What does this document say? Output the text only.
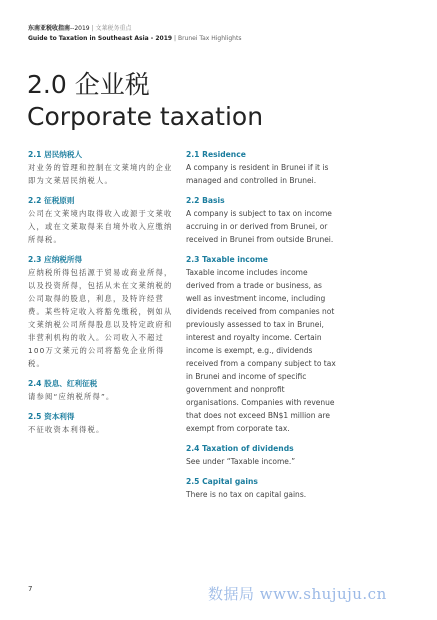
东南亚税收指南--2019 | 文莱税务重点
Guide to Taxation in Southeast Asia - 2019 | Brunei Tax Highlights
2.0 企业税
Corporate taxation
2.1 居民纳税人

对业务的管理和控制在文莱境内的企业即为文莱居民纳税人。

2.2 征税原则

公司在文莱境内取得收入或源于文莱收入，或在文莱取得来自境外收入应缴纳所得税。

2.3 应纳税所得

应纳税所得包括源于贸易或商业所得，以及投资所得，包括从未在文莱纳税的公司取得的股息，利息，及特许经营费。某些特定收入将豁免缴税，例如从文莱纳税公司所得股息以及特定政府和非营利机构的收入。公司收入不超过100万文莱元的公司将豁免企业所得税。

2.4 股息、红利征税

请参阅“应纳税所得”。

2.5 资本利得

不征收资本利得税。

2.1 Residence

A company is resident in Brunei if it is managed and controlled in Brunei.

2.2 Basis

A company is subject to tax on income accruing in or derived from Brunei, or received in Brunei from outside Brunei.

2.3 Taxable income

Taxable income includes income derived from a trade or business, as well as investment income, including dividends received from companies not previously assessed to tax in Brunei, interest and royalty income. Certain income is exempt, e.g., dividends received from a company subject to tax in Brunei and income of specific government and nonprofit organisations. Companies with revenue that does not exceed BN$1 million are exempt from corporate tax.

2.4 Taxation of dividends

See under “Taxable income.”

2.5 Capital gains

There is no tax on capital gains.

7	数据局 www.shujuju.cn
